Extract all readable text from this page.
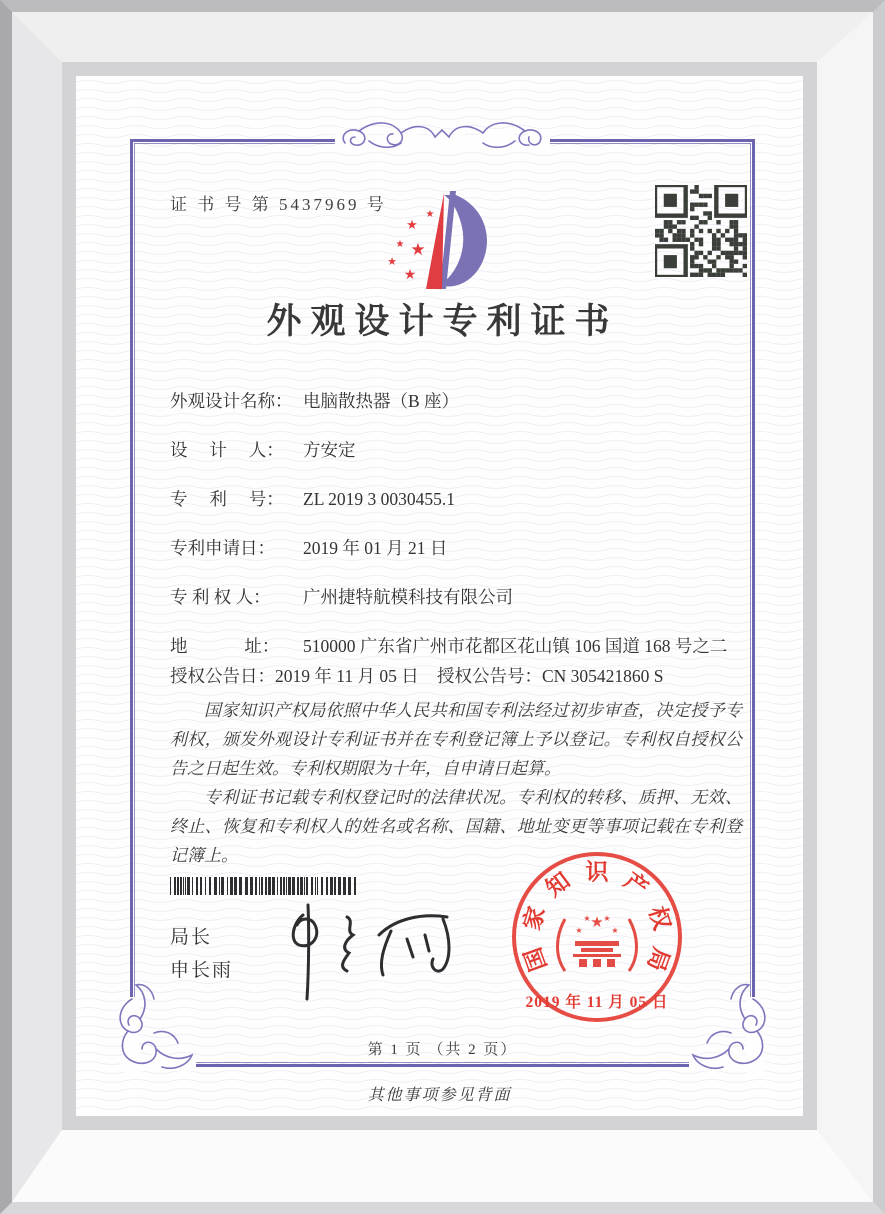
证 书 号 第 5437969 号
★
★
★ ★
★
★
外观设计专利证书
外观设计名称： 电脑散热器（B 座）
设　 计　 人： 方安定
专　 利　 号： ZL 2019 3 0030455.1
专利申请日： 2019 年 01 月 21 日
专 利 权 人： 广州捷特航模科技有限公司
地　　　 址： 510000 广东省广州市花都区花山镇 106 国道 168 号之二
授权公告日：2019 年 11 月 05 日 授权公告号：CN 305421860 S

国家知识产权局依照中华人民共和国专利法经过初步审查，决定授予专利权，颁发外观设计专利证书并在专利登记簿上予以登记。专利权自授权公告之日起生效。专利权期限为十年，自申请日起算。

专利证书记载专利权登记时的法律状况。专利权的转移、质押、无效、终止、恢复和专利权人的姓名或名称、国籍、地址变更等事项记载在专利登记簿上。

局长
申长雨	国
家
知 识 产
权
局
★
★
★ ★
★
2019 年 11 月 05 日
第 1 页 （共 2 页）
其他事项参见背面
